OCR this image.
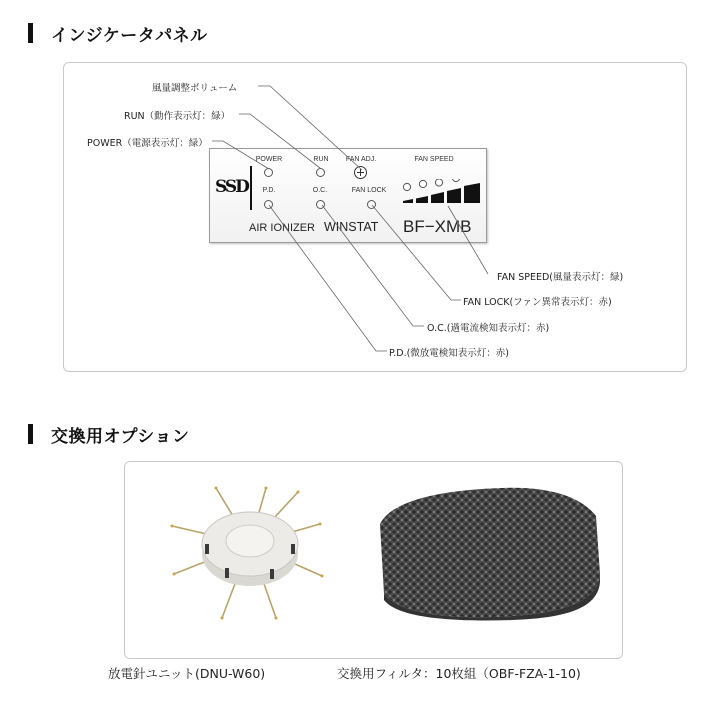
インジケータパネル
SSD
POWER	RUN	FAN ADJ.	FAN SPEED
P.D.	O.C.	FAN LOCK
AIR IONIZER WINSTAT BF−XMB
風量調整ボリューム
RUN（動作表示灯：緑）
POWER（電源表示灯：緑）
FAN SPEED(風量表示灯：緑)
FAN LOCK(ファン異常表示灯：赤)
O.C.(過電流検知表示灯：赤)
P.D.(微放電検知表示灯：赤)
交換用オプション
放電針ユニット(DNU-W60)	交換用フィルタ：10枚組（OBF-FZA-1-10)
